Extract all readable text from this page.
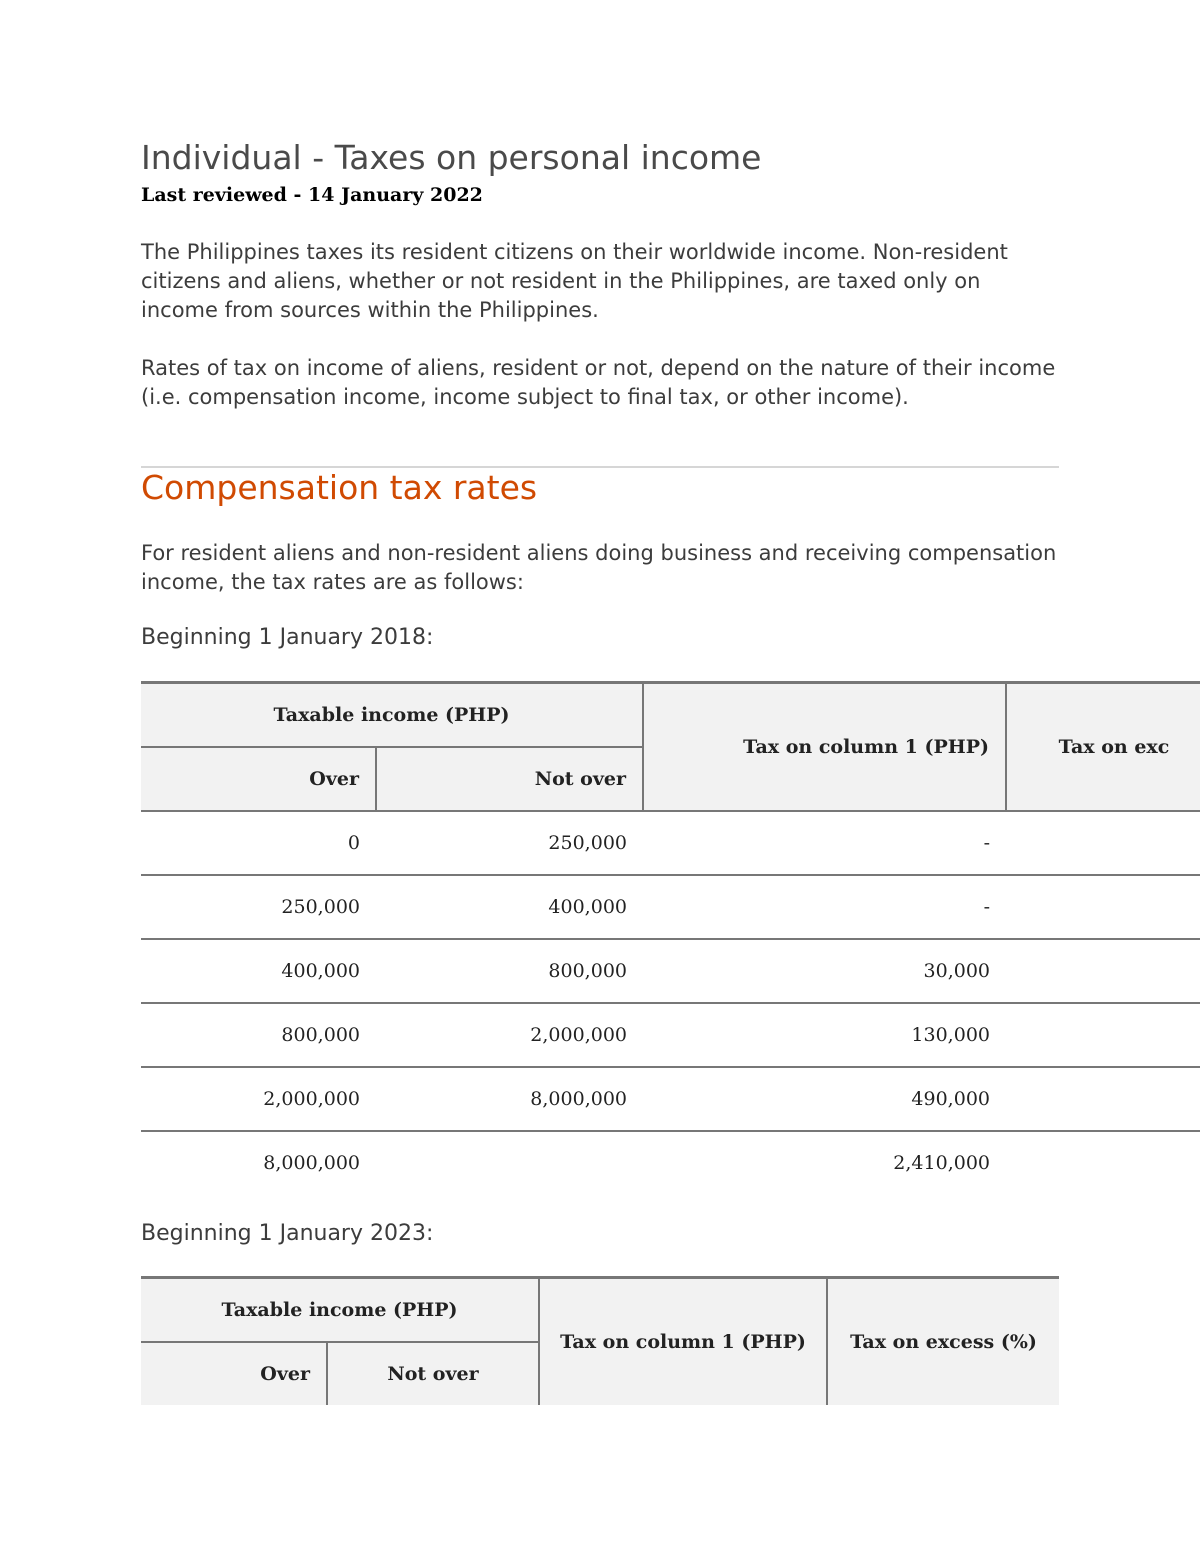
Individual - Taxes on personal income
Last reviewed - 14 January 2022

The Philippines taxes its resident citizens on their worldwide income. Non-resident citizens and aliens, whether or not resident in the Philippines, are taxed only on income from sources within the Philippines.

Rates of tax on income of aliens, resident or not, depend on the nature of their income (i.e. compensation income, income subject to final tax, or other income).

Compensation tax rates

For resident aliens and non-resident aliens doing business and receiving compensation income, the tax rates are as follows:

Beginning 1 January 2018:

Taxable income (PHP)		Tax on column 1 (PHP)	Tax on exc
Over	Not over		
0	250,000	-	
250,000	400,000	-	
400,000	800,000	30,000	
800,000	2,000,000	130,000	
2,000,000	8,000,000	490,000	
8,000,000		2,410,000	

Beginning 1 January 2023:

Taxable income (PHP)		Tax on column 1 (PHP)	Tax on excess (%)
Over	Not over		
